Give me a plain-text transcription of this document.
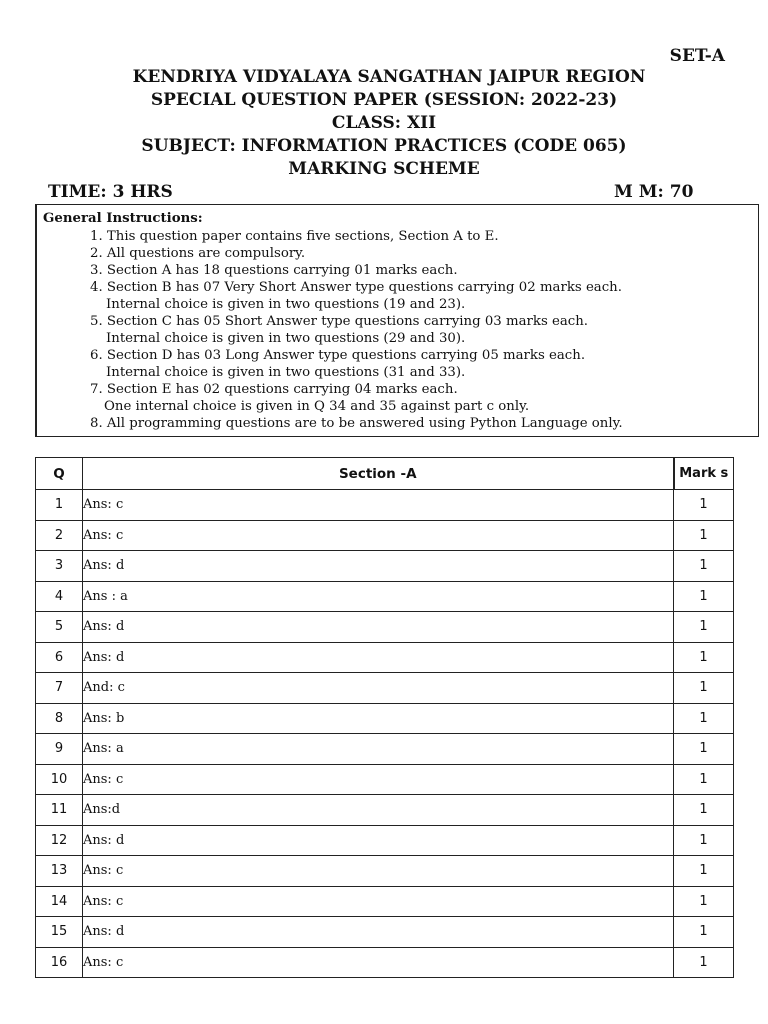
SET-A
KENDRIYA VIDYALAYA SANGATHAN JAIPUR REGION
SPECIAL QUESTION PAPER (SESSION: 2022-23)
CLASS: XII
SUBJECT: INFORMATION PRACTICES (CODE 065)
MARKING SCHEME
TIME: 3 HRS	M M: 70
General Instructions:
1. This question paper contains five sections, Section A to E.
2. All questions are compulsory.
3. Section A has 18 questions carrying 01 marks each.
4. Section B has 07 Very Short Answer type questions carrying 02 marks each.
Internal choice is given in two questions (19 and 23).
5. Section C has 05 Short Answer type questions carrying 03 marks each.
Internal choice is given in two questions (29 and 30).
6. Section D has 03 Long Answer type questions carrying 05 marks each.
Internal choice is given in two questions (31 and 33).
7. Section E has 02 questions carrying 04 marks each.
One internal choice is given in Q 34 and 35 against part c only.
8. All programming questions are to be answered using Python Language only.
Q	Section -A	Mark s
1	Ans: c	1
2	Ans: c	1
3	Ans: d	1
4	Ans : a	1
5	Ans: d	1
6	Ans: d	1
7	And: c	1
8	Ans: b	1
9	Ans: a	1
10	Ans: c	1
11	Ans:d	1
12	Ans: d	1
13	Ans: c	1
14	Ans: c	1
15	Ans: d	1
16	Ans: c	1
